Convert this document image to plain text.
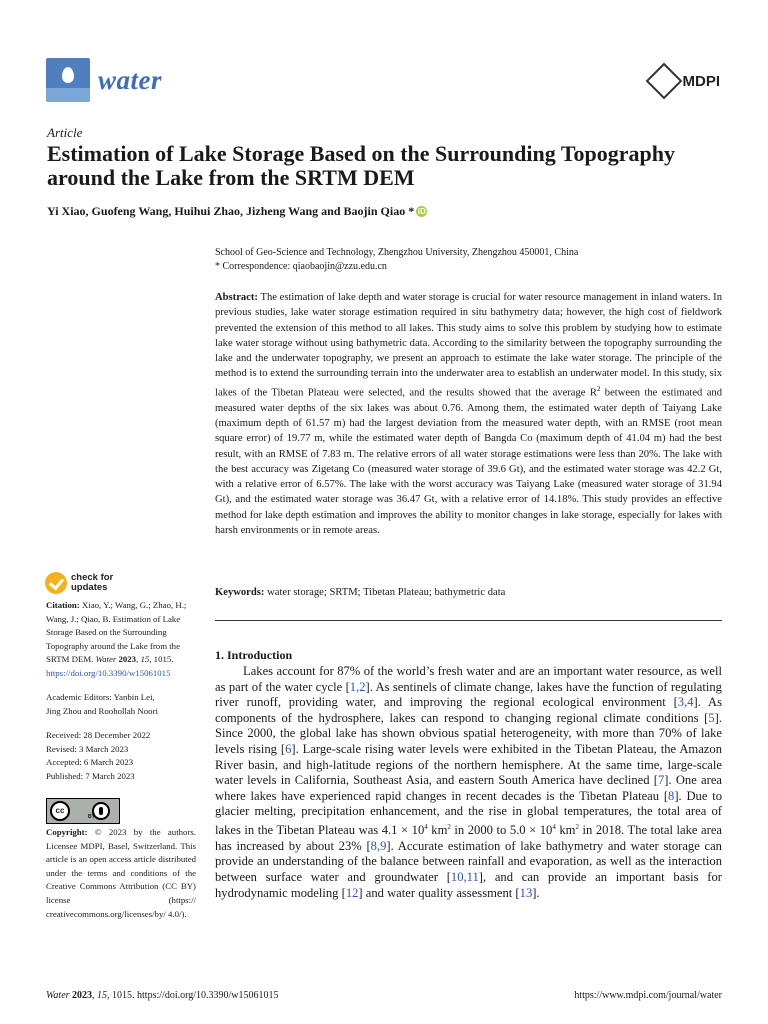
water	MDPI
Article
Estimation of Lake Storage Based on the Surrounding Topography around the Lake from the SRTM DEM
Yi Xiao, Guofeng Wang, Huihui Zhao, Jizheng Wang and Baojin Qiao * iD
School of Geo-Science and Technology, Zhengzhou University, Zhengzhou 450001, China
* Correspondence: qiaobaojin@zzu.edu.cn
Abstract: The estimation of lake depth and water storage is crucial for water resource management in inland waters. In previous studies, lake water storage estimation required in situ bathymetry data; however, the high cost of fieldwork prevented the extension of this method to all lakes. This study aims to solve this problem by studying how to estimate lake water storage without using bathymetric data. According to the similarity between the topography surrounding the lake and the underwater topography, we present an approach to estimate the lake water storage. The principle of the method is to extend the surrounding terrain into the underwater area to establish an underwater model. In this study, six lakes of the Tibetan Plateau were selected, and the results showed that the average $R^2$ between the estimated and measured water depths of the six lakes was about 0.76. Among them, the estimated water depth of Taiyang Lake (maximum depth of 61.57 m) had the largest deviation from the measured water depth, with an RMSE (root mean square error) of 19.77 m, while the estimated water depth of Bangda Co (maximum depth of 41.04 m) had the best result, with an RMSE of 7.83 m. The relative errors of all water storage estimations were less than 20%. The lake with the best accuracy was Zigetang Co (measured water storage of 39.6 Gt), and the estimated water storage was 42.2 Gt, with a relative error of 6.57%. The lake with the worst accuracy was Taiyang Lake (measured water storage of 31.94 Gt), and the estimated water storage was 36.47 Gt, with a relative error of 14.18%. This study provides an effective method for lake depth estimation and improves the ability to monitor changes in lake storage, especially for lakes with harsh environments or in remote areas.
Keywords: water storage; SRTM; Tibetan Plateau; bathymetric data
check for
updates
Citation: Xiao, Y.; Wang, G.; Zhao, H.; Wang, J.; Qiao, B. Estimation of Lake Storage Based on the Surrounding Topography around the Lake from the SRTM DEM. Water 2023, 15, 1015. https://doi.org/10.3390/w15061015
Academic Editors: Yanbin Lei,
Jing Zhou and Roohollah Noori
Received: 28 December 2022
Revised: 3 March 2023
Accepted: 6 March 2023
Published: 7 March 2023
cc
BY
Copyright: © 2023 by the authors. Licensee MDPI, Basel, Switzerland. This article is an open access article distributed under the terms and conditions of the Creative Commons Attribution (CC BY) license (https:// creativecommons.org/licenses/by/ 4.0/).
1. Introduction
Lakes account for 87% of the world’s fresh water and are an important water resource, as well as part of the water cycle [1,2]. As sentinels of climate change, lakes have the function of regulating river runoff, providing water, and improving the regional ecological environment [3,4]. As components of the hydrosphere, lakes can respond to changing regional climate conditions [5]. Since 2000, the global lake has shown obvious spatial heterogeneity, with more than 70% of lake levels rising [6]. Large-scale rising water levels were exhibited in the Tibetan Plateau, the Amazon River basin, and high-latitude regions of the northern hemisphere. At the same time, large-scale water levels in California, Southeast Asia, and eastern South America have declined [7]. One area where lakes have experienced rapid changes in recent decades is the Tibetan Plateau [8]. Due to glacier melting, precipitation enhancement, and the rise in global temperatures, the total area of lakes in the Tibetan Plateau was $4.1 \times 10^4$ $km^2$ in 2000 to $5.0 \times 10^4$ $km^2$ in 2018. The total lake area has increased by about 23% [8,9]. Accurate estimation of lake bathymetry and water storage can provide an understanding of the balance between rainfall and evaporation, as well as the interaction between surface water and groundwater [10,11], and can provide an important basis for hydrodynamic modeling [12] and water quality assessment [13].
Water 2023, 15, 1015. https://doi.org/10.3390/w15061015	https://www.mdpi.com/journal/water
